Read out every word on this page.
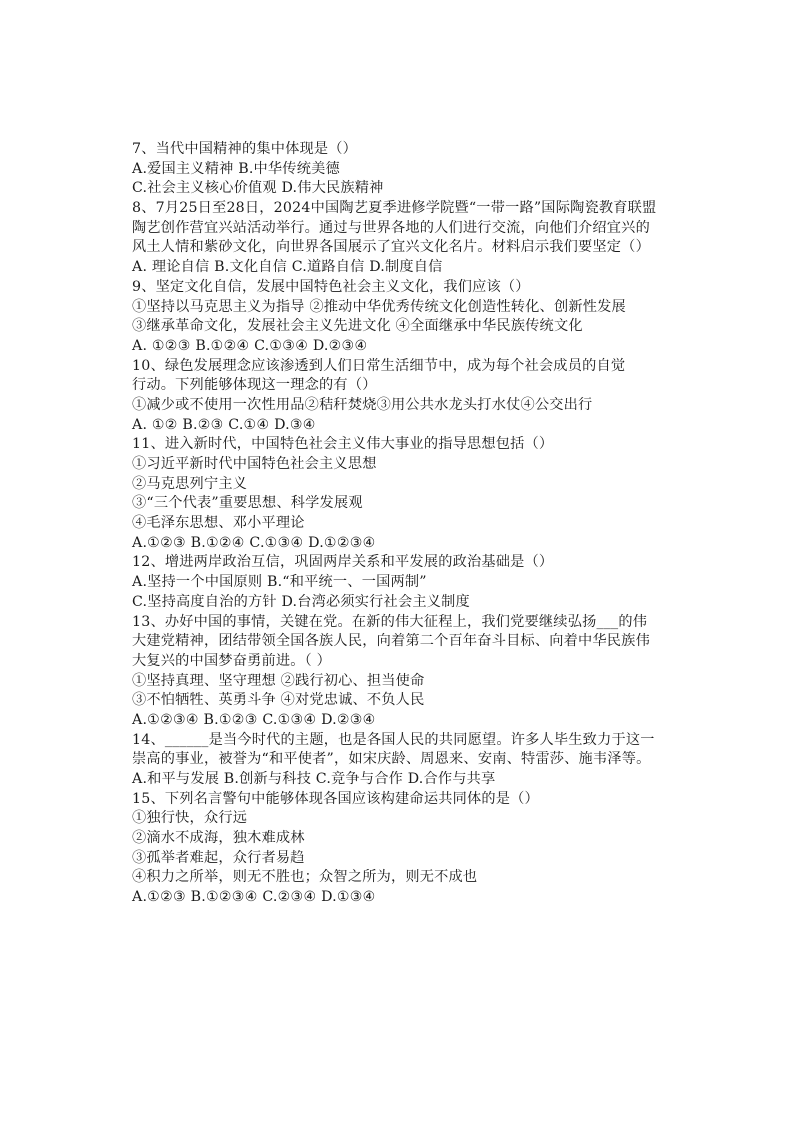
7、当代中国精神的集中体现是（）
A.爱国主义精神 B.中华传统美德
C.社会主义核心价值观 D.伟大民族精神
8、7月25日至28日，2024中国陶艺夏季进修学院暨“一带一路”国际陶瓷教育联盟
陶艺创作营宜兴站活动举行。通过与世界各地的人们进行交流，向他们介绍宜兴的
风土人情和紫砂文化，向世界各国展示了宜兴文化名片。材料启示我们要坚定（）
A. 理论自信 B.文化自信 C.道路自信 D.制度自信
9、坚定文化自信，发展中国特色社会主义文化，我们应该（）
①坚持以马克思主义为指导 ②推动中华优秀传统文化创造性转化、创新性发展
③继承革命文化，发展社会主义先进文化 ④全面继承中华民族传统文化
A. ①②③ B.①②④ C.①③④ D.②③④
10、绿色发展理念应该渗透到人们日常生活细节中，成为每个社会成员的自觉
行动。下列能够体现这一理念的有（）
①减少或不使用一次性用品②秸秆焚烧③用公共水龙头打水仗④公交出行
A. ①② B.②③ C.①④ D.③④
11、进入新时代，中国特色社会主义伟大事业的指导思想包括（）
①习近平新时代中国特色社会主义思想
②马克思列宁主义
③“三个代表”重要思想、科学发展观
④毛泽东思想、邓小平理论
A.①②③ B.①②④ C.①③④ D.①②③④
12、增进两岸政治互信，巩固两岸关系和平发展的政治基础是（）
A.坚持一个中国原则 B.“和平统一、一国两制”
C.坚持高度自治的方针 D.台湾必须实行社会主义制度
13、办好中国的事情，关键在党。在新的伟大征程上，我们党要继续弘扬___的伟
大建党精神，团结带领全国各族人民，向着第二个百年奋斗目标、向着中华民族伟
大复兴的中国梦奋勇前进。（ ）
①坚持真理、坚守理想 ②践行初心、担当使命
③不怕牺牲、英勇斗争 ④对党忠诚、不负人民
A.①②③④ B.①②③ C.①③④ D.②③④
14、______是当今时代的主题，也是各国人民的共同愿望。许多人毕生致力于这一
崇高的事业，被誉为“和平使者”，如宋庆龄、周恩来、安南、特雷莎、施韦泽等。
A.和平与发展 B.创新与科技 C.竞争与合作 D.合作与共享
15、下列名言警句中能够体现各国应该构建命运共同体的是（）
①独行快，众行远
②滴水不成海，独木难成林
③孤举者难起，众行者易趋
④积力之所举，则无不胜也；众智之所为，则无不成也
A.①②③ B.①②③④ C.②③④ D.①③④
